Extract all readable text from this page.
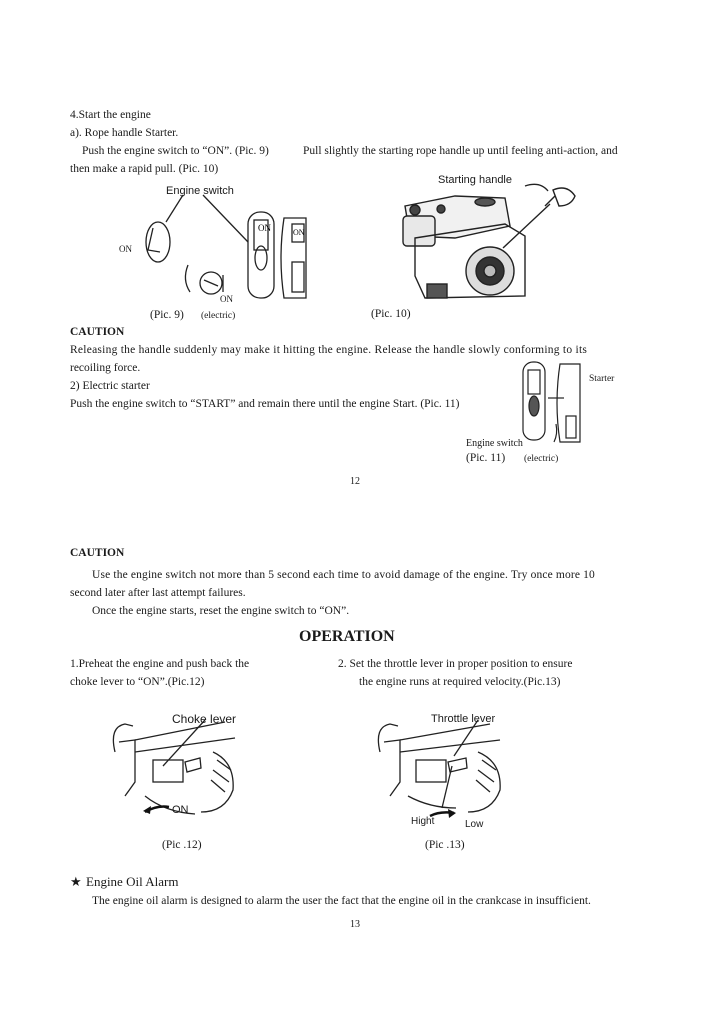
4.Start the engine
a). Rope handle Starter.
Push the engine switch to “ON”. (Pic. 9)	Pull slightly the starting rope handle up until feeling anti-action, and
then make a rapid pull. (Pic. 10)
ON	ON
Engine switch
ON
ON
(Pic. 9) (electric)
Starting handle
(Pic. 10)
CAUTION
Releasing the handle suddenly may make it hitting the engine. Release the handle slowly conforming to its
recoiling force.
2) Electric starter
Push the engine switch to “START” and remain there until the engine Start. (Pic. 11)
Starter
Engine switch
(Pic. 11) (electric)
12
CAUTION
Use the engine switch not more than 5 second each time to avoid damage of the engine. Try once more 10
second later after last attempt failures.
Once the engine starts, reset the engine switch to “ON”.
OPERATION
1.Preheat the engine and push back the
choke lever to “ON”.(Pic.12)
2. Set the throttle lever in proper position to ensure
the engine runs at required velocity.(Pic.13)
Choke lever
ON
(Pic .12)
Throttle lever
Hight	Low
(Pic .13)
★ Engine Oil Alarm
The engine oil alarm is designed to alarm the user the fact that the engine oil in the crankcase in insufficient.
13
